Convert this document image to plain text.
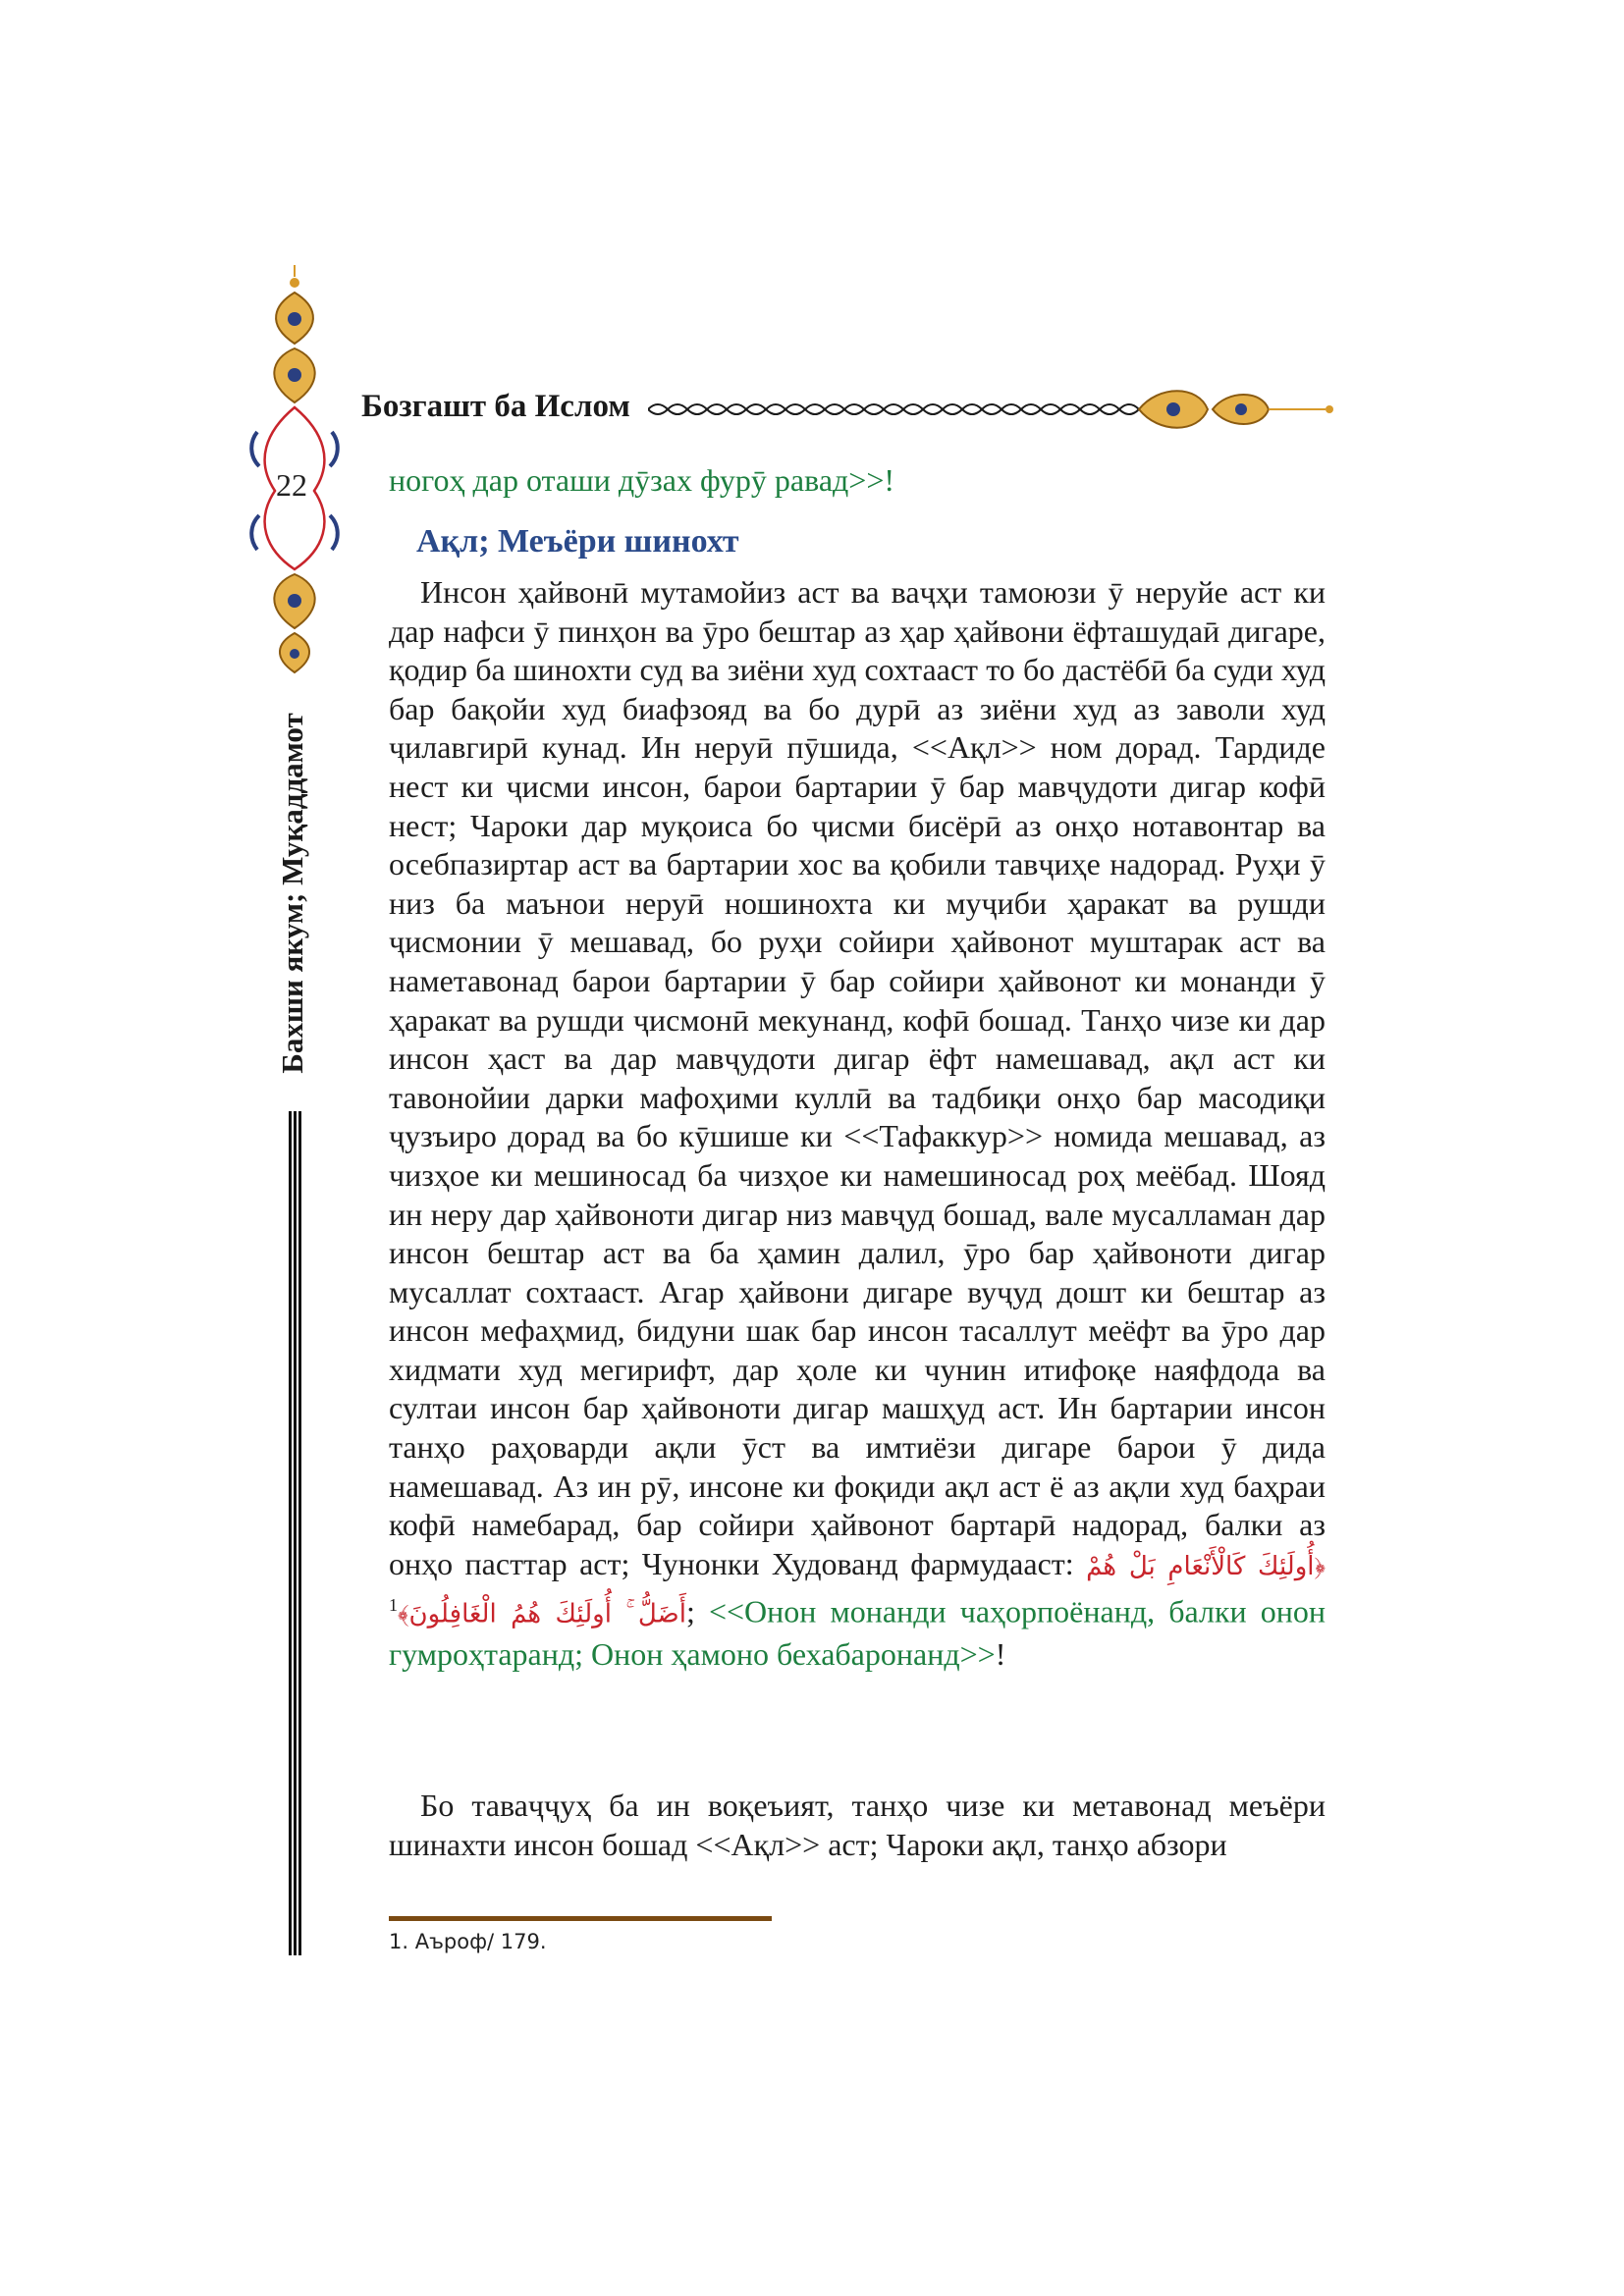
22
Бахши якум; Муқаддамот
Бозгашт ба Ислом
ногоҳ дар оташи дӯзах фурӯ равад>>!
Ақл; Меъёри шинохт
Инсон ҳайвонӣ мутамойиз аст ва ваҷҳи тамоюзи ӯ неруйе аст ки дар нафси ӯ пинҳон ва ӯро бештар аз ҳар ҳайвони ёфташудаӣ дигаре, қодир ба шинохти суд ва зиёни худ сохтааст то бо дастёбӣ ба суди худ бар бақойи худ биафзояд ва бо дурӣ аз зиёни худ аз заволи худ ҷилавгирӣ кунад. Ин неруӣ пӯшида, <<Ақл>> ном дорад. Тардиде нест ки ҷисми инсон, барои бартарии ӯ бар мавҷудоти дигар кофӣ нест; Чароки дар муқоиса бо ҷисми бисёрӣ аз онҳо нотавонтар ва осебпазиртар аст ва бартарии хос ва қобили тавҷиҳе надорад. Руҳи ӯ низ ба маънои неруӣ ношинохта ки муҷиби ҳаракат ва рушди ҷисмонии ӯ мешавад, бо руҳи сойири ҳайвонот муштарак аст ва наметавонад барои бартарии ӯ бар сойири ҳайвонот ки монанди ӯ ҳаракат ва рушди ҷисмонӣ мекунанд, кофӣ бошад. Танҳо чизе ки дар инсон ҳаст ва дар мавҷудоти дигар ёфт намешавад, ақл аст ки тавонойии дарки мафоҳими куллӣ ва тадбиқи онҳо бар масодиқи ҷузъиро дорад ва бо кӯшише ки <<Тафаккур>> номида мешавад, аз чизҳое ки мешиносад ба чизҳое ки намешиносад роҳ меёбад. Шояд ин неру дар ҳайвоноти дигар низ мавҷуд бошад, вале мусалламан дар инсон бештар аст ва ба ҳамин далил, ӯро бар ҳайвоноти дигар мусаллат сохтааст. Агар ҳайвони дигаре вуҷуд дошт ки бештар аз инсон мефаҳмид, бидуни шак бар инсон тасаллут меёфт ва ӯро дар хидмати худ мегирифт, дар ҳоле ки чунин итифоқе наяфдода ва султаи инсон бар ҳайвоноти дигар машҳуд аст. Ин бартарии инсон танҳо раҳоварди ақли ӯст ва имтиёзи дигаре барои ӯ дида намешавад. Аз ин рӯ, инсоне ки фоқиди ақл аст ё аз ақли худ баҳраи кофӣ намебарад, бар сойири ҳайвонот бартарӣ надорад, балки аз онҳо пасттар аст; Чунонки Худованд фармудааст: ﴿أُولَئِكَ كَالْأَنْعَامِ بَلْ هُمْ أَضَلُّ ۚ أُولَئِكَ هُمُ الْغَافِلُونَ﴾$^1$	; <<Онон монанди чаҳорпоёнанд, балки онон гумроҳтаранд; Онон ҳамоно бехабаронанд>>!
Бо таваҷҷуҳ ба ин воқеъият, танҳо чизе ки метавонад меъёри шинахти инсон бошад <<Ақл>> аст; Чароки ақл, танҳо абзори
1. Аъроф/ 179.
